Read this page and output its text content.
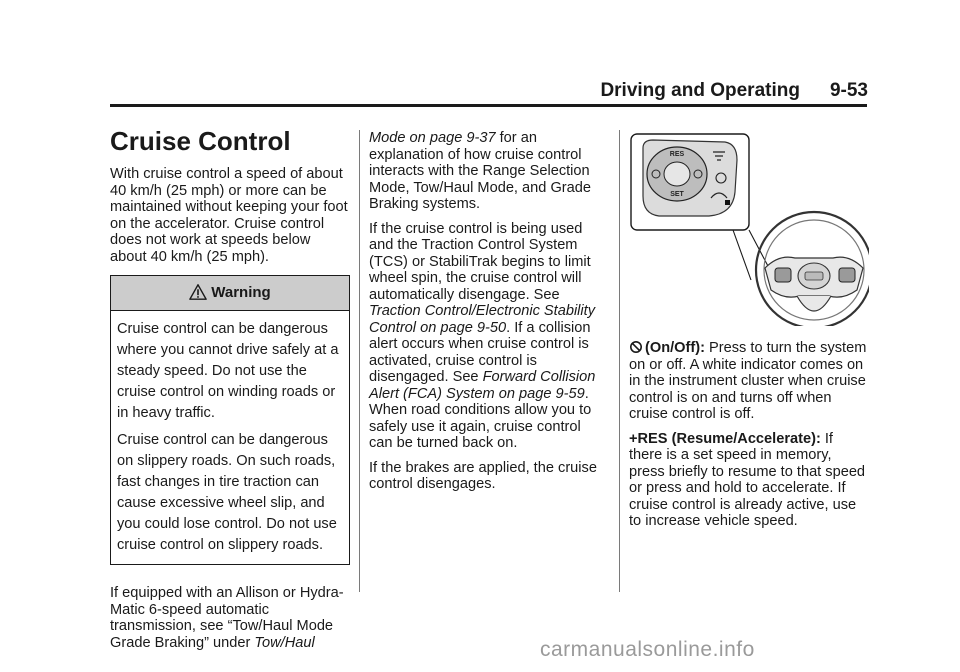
Driving and Operating 9-53
Cruise Control

With cruise control a speed of about 40 km/h (25 mph) or more can be maintained without keeping your foot on the accelerator. Cruise control does not work at speeds below about 40 km/h (25 mph).

Warning

Cruise control can be dangerous where you cannot drive safely at a steady speed. Do not use the cruise control on winding roads or in heavy traffic.

Cruise control can be dangerous on slippery roads. On such roads, fast changes in tire traction can cause excessive wheel slip, and you could lose control. Do not use cruise control on slippery roads.

If equipped with an Allison or Hydra-Matic 6-speed automatic transmission, see “Tow/Haul Mode Grade Braking” under Tow/Haul

Mode on page 9-37 for an explanation of how cruise control interacts with the Range Selection Mode, Tow/Haul Mode, and Grade Braking systems.

If the cruise control is being used and the Traction Control System (TCS) or StabiliTrak begins to limit wheel spin, the cruise control will automatically disengage. See Traction Control/Electronic Stability Control on page 9-50. If a collision alert occurs when cruise control is activated, cruise control is disengaged. See Forward Collision Alert (FCA) System on page 9-59. When road conditions allow you to safely use it again, cruise control can be turned back on.

If the brakes are applied, the cruise control disengages.

RES
SET

(On/Off): Press to turn the system on or off. A white indicator comes on in the instrument cluster when cruise control is on and turns off when cruise control is off.

+RES (Resume/Accelerate): If there is a set speed in memory, press briefly to resume to that speed or press and hold to accelerate. If cruise control is already active, use to increase vehicle speed.

carmanualsonline.info
